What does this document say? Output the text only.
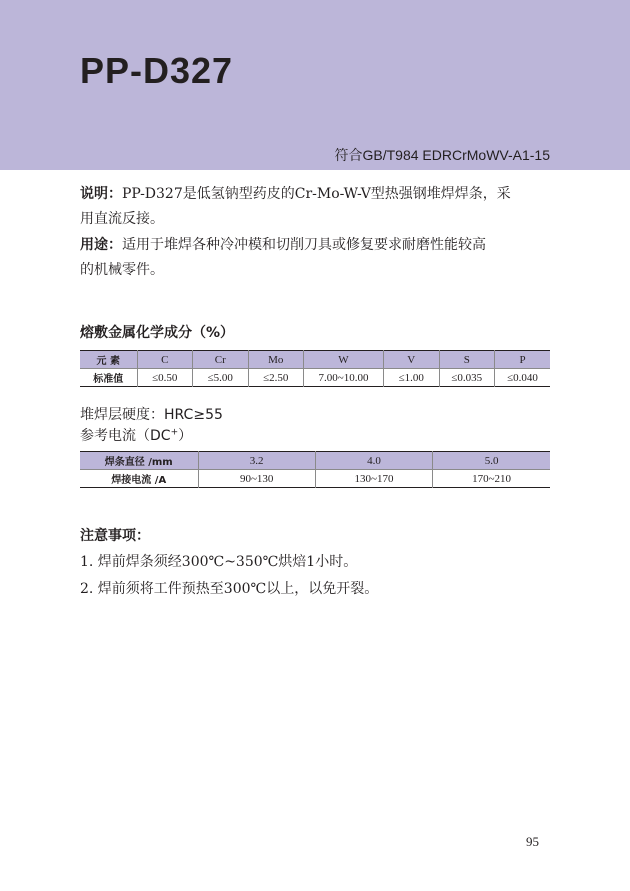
PP-D327
符合GB/T984 EDRCrMoWV-A1-15

说明：PP-D327是低氢钠型药皮的Cr-Mo-W-V型热强钢堆焊焊条，采
用直流反接。

用途：适用于堆焊各种冷冲模和切削刀具或修复要求耐磨性能较高
的机械零件。

熔敷金属化学成分（%）
元 素	C	Cr	Mo	W	V	S	P
标准值	≤0.50	≤5.00	≤2.50	7.00~10.00	≤1.00	≤0.035	≤0.040
堆焊层硬度：HRC≥55
参考电流（DC+）
焊条直径 /mm	3.2	4.0	5.0
焊接电流 /A	90~130	130~170	170~210
注意事项：

1. 焊前焊条须经300℃~350℃烘焙1小时。

2. 焊前须将工件预热至300℃以上，以免开裂。

95
